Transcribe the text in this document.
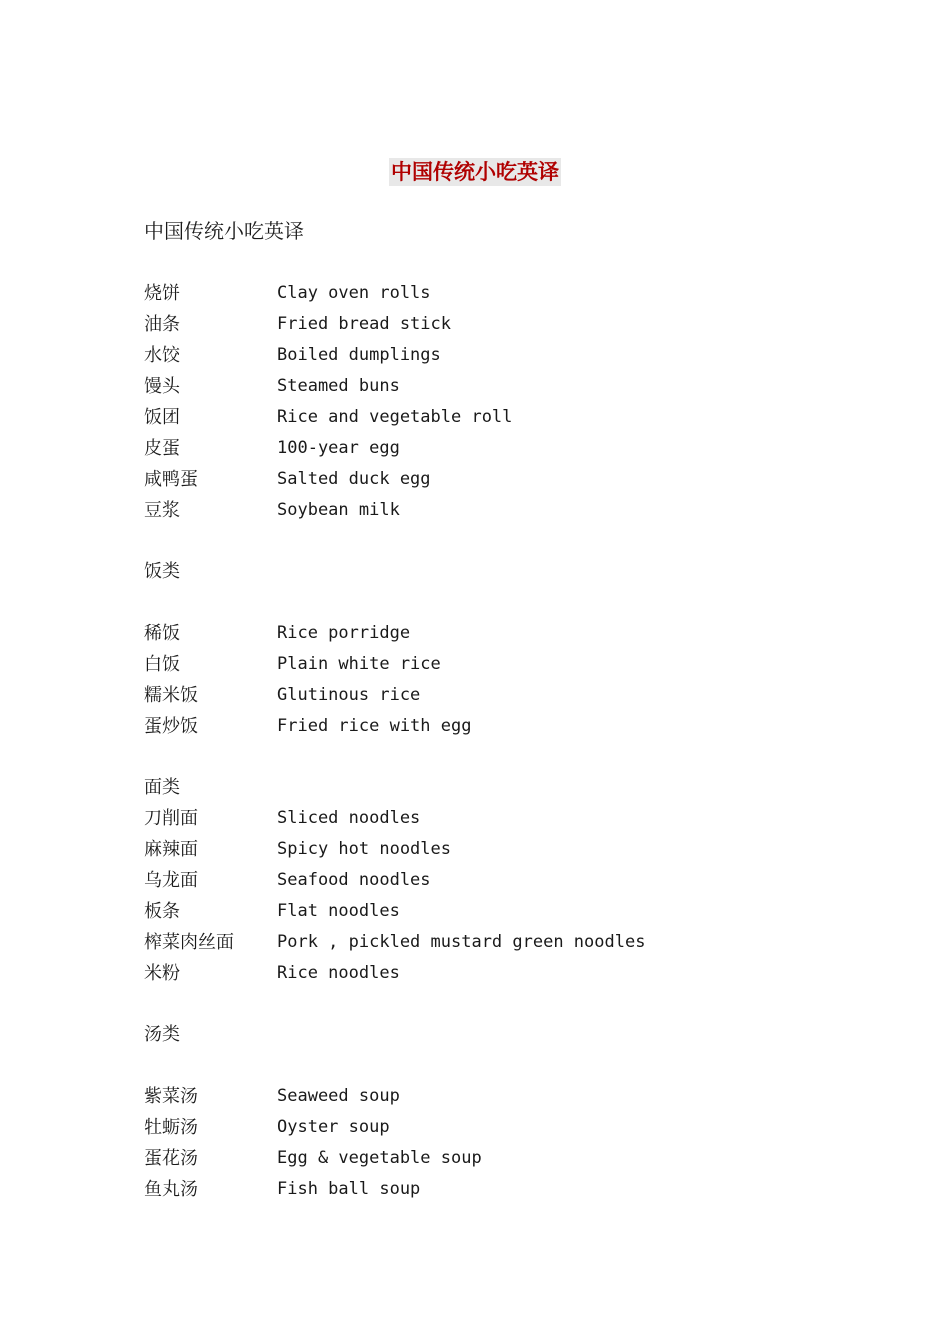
中国传统小吃英译
中国传统小吃英译
烧饼	Clay oven rolls
油条	Fried bread stick
水饺	Boiled dumplings
馒头	Steamed buns
饭团	Rice and vegetable roll
皮蛋	100-year egg
咸鸭蛋	Salted duck egg
豆浆	Soybean milk
饭类
稀饭	Rice porridge
白饭	Plain white rice
糯米饭	Glutinous rice
蛋炒饭	Fried rice with egg
面类
刀削面	Sliced noodles
麻辣面	Spicy hot noodles
乌龙面	Seafood noodles
板条	Flat noodles
榨菜肉丝面	Pork , pickled mustard green noodles
米粉	Rice noodles
汤类
紫菜汤	Seaweed soup
牡蛎汤	Oyster soup
蛋花汤	Egg & vegetable soup
鱼丸汤	Fish ball soup
